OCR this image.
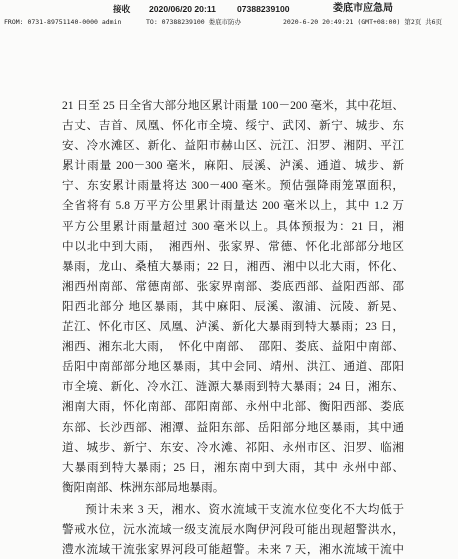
接收 2020/06/20 20:11 07388239100	娄底市应急局
FROM: 0731-89751140-0000 admin	TO: 07388239100 娄底市防办	2020-6-20 20:49:21 (GMT+08:00) 第2页 共6页
21 日至 25 日全省大部分地区累计雨量 100－200 毫米，其中花垣、
古丈、吉首、凤凰、怀化市全境、绥宁、武冈、新宁、城步、东
安、冷水滩区、新化、益阳市赫山区、沅江、汨罗、湘阴、平江
累计雨量 200－300 毫米，麻阳、辰溪、泸溪、通道、城步、新
宁、东安累计雨量将达 300－400 毫米。预估强降雨笼罩面积，
全省将有 5.8 万平方公里累计雨量达 200 毫米以上，其中 1.2 万
平方公里累计雨量超过 300 毫米以上。具体预报为：21 日，湘
中以北中到大雨，  湘西州、张家界、常德、怀化北部部分地区
暴雨，龙山、桑植大暴雨；22 日，湘西、湘中以北大雨，怀化、
湘西州南部、常德南部、张家界南部、娄底西部、益阳西部、邵
阳西北部分 地区暴雨，其中麻阳、辰溪、溆浦、沅陵、新晃、
芷江、怀化市区、凤凰、泸溪、新化大暴雨到特大暴雨；23 日，
湘西、湘东北大雨，  怀化中南部、  邵阳、娄底、益阳中南部、
岳阳中南部部分地区暴雨，其中会同、靖州、洪江、通道、邵阳
市全境、新化、冷水江、涟源大暴雨到特大暴雨；24 日，湘东、
湘南大雨，怀化南部、邵阳南部、永州中北部、衡阳西部、娄底
东部、长沙西部、湘潭、益阳东部、岳阳部分地区暴雨，其中通
道、城步、新宁、东安、冷水滩、祁阳、永州市区、汨罗、临湘
大暴雨到特大暴雨；25 日，湘东南中到大雨，其中 永州中部、
衡阳南部、株洲东部局地暴雨。
预计未来 3 天，湘水、资水流域干支流水位变化不大均低于
警戒水位，沅水流域一级支流辰水陶伊河段可能出现超警洪水，
澧水流域干流张家界河段可能超警。未来 7 天，湘水流域干流中
